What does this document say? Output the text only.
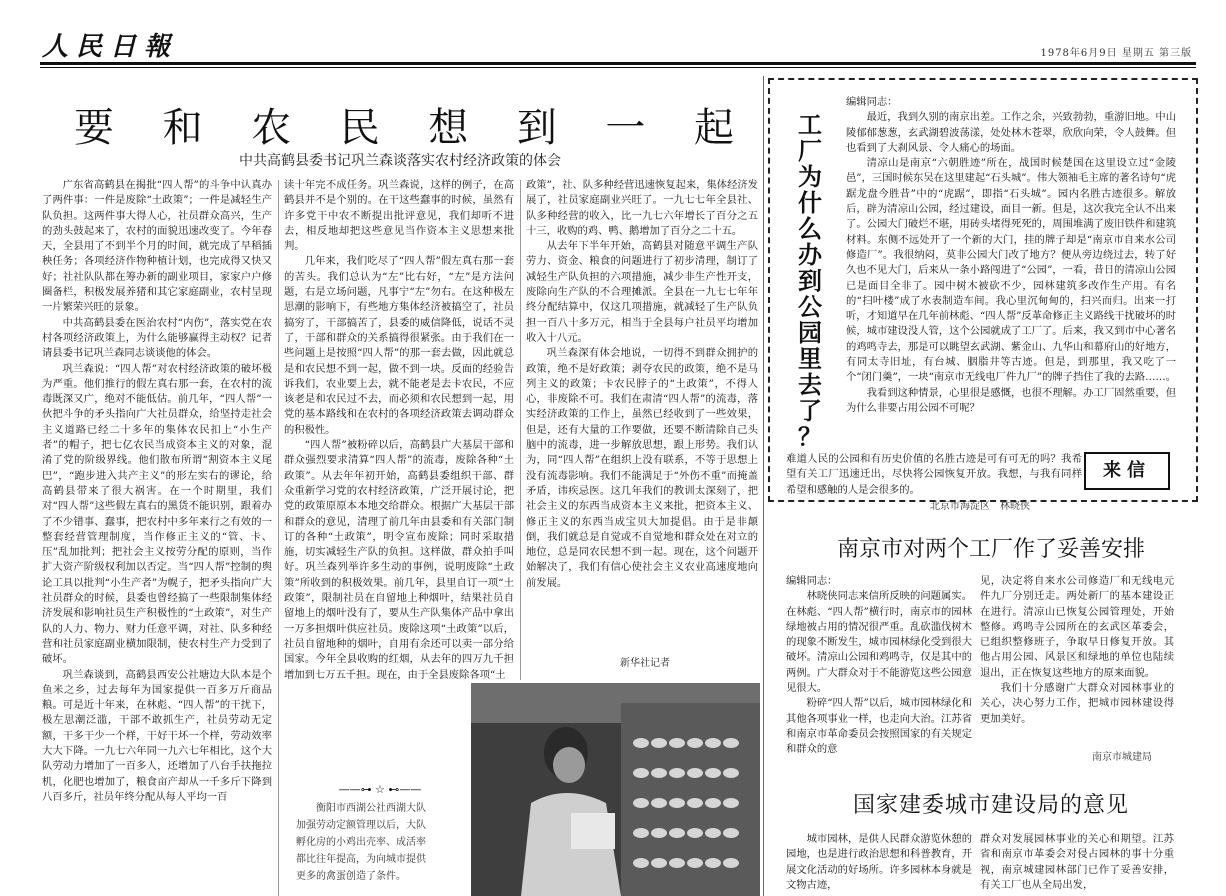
人民日報	1978年6月9日 星期五 第三版
要 和 农 民 想 到 一 起
中共高鹤县委书记巩兰森谈落实农村经济政策的体会

广东省高鹤县在揭批“四人帮”的斗争中认真办了两件事：一件是废除“土政策”；一件是减轻生产队负担。这两件事大得人心，社员群众高兴，生产的劲头鼓起来了，农村的面貌迅速改变了。今年春天，全县用了不到半个月的时间，就完成了早稻插秧任务；各项经济作物种植计划，也完成得又快又好；社社队队都在筹办新的副业项目，家家户户修圈备栏，积极发展养猪和其它家庭副业，农村呈现一片繁荣兴旺的景象。

中共高鹤县委在医治农村“内伤”，落实党在农村各项经济政策上，为什么能够赢得主动权？记者请县委书记巩兰森同志谈谈他的体会。

巩兰森说：“四人帮”对农村经济政策的破坏极为严重。他们推行的假左真右那一套，在农村的流毒既深又广，绝对不能低估。前几年，“四人帮”一伙把斗争的矛头指向广大社员群众，给坚持走社会主义道路已经二十多年的集体农民扣上“小生产者”的帽子，把七亿农民当成资本主义的对象，混淆了党的阶级界线。他们散布所谓“割资本主义尾巴”，“跑步进入共产主义”的形左实右的谬论，给高鹤县带来了很大祸害。在一个时期里，我们对“四人帮”这些假左真右的黑货不能识别，跟着办了不少错事、蠢事，把农村中多年来行之有效的一整套经营管理制度，当作修正主义的“管、卡、压”乱加批判；把社会主义按劳分配的原则，当作扩大资产阶级权利加以否定。当“四人帮”控制的舆论工具以批判“小生产者”为幌子，把矛头指向广大社员群众的时候，县委也曾经搞了一些限制集体经济发展和影响社员生产积极性的“土政策”，对生产队的人力、物力、财力任意平调，对社、队多种经营和社员家庭副业横加限制，使农村生产力受到了破坏。

巩兰森谈到，高鹤县西安公社塘边大队本是个鱼米之乡，过去每年为国家提供一百多万斤商品粮。可是近十年来，在林彪、“四人帮”的干扰下，极左思潮泛滥，干部不敢抓生产，社员劳动无定额，干多干少一个样，干好干坏一个样，劳动效率大大下降。一九七六年同一九六七年相比，这个大队劳动力增加了一百多人，还增加了八台手扶拖拉机，化肥也增加了，粮食亩产却从一千多斤下降到八百多斤，社员年终分配从每人平均一百

读十年完不成任务。巩兰森说，这样的例子，在高鹤县并不是个别的。在干这些蠢事的时候，虽然有许多党干中农不断提出批评意见，我们却听不进去，相反地却把这些意见当作资本主义思想来批判。

几年来，我们吃尽了“四人帮”假左真右那一套的苦头。我们总认为“左”比右好，“左”是方法问题，右是立场问题，凡事宁“左”勿右。在这种极左思潮的影响下，有些地方集体经济被搞空了，社员搞穷了，干部搞苦了，县委的威信降低，说话不灵了，干部和群众的关系搞得很紧张。由于我们在一些问题上是按照“四人帮”的那一套去做，因此就总是和农民想不到一起，做不到一块。反面的经验告诉我们，农业要上去，就不能老是去卡农民，不应该老是和农民过不去，而必须和农民想到一起，用党的基本路线和在农村的各项经济政策去调动群众的积极性。

“四人帮”被粉碎以后，高鹤县广大基层干部和群众强烈要求清算“四人帮”的流毒，废除各种“土政策”。从去年年初开始，高鹤县委组织干部、群众重新学习党的农村经济政策，广泛开展讨论，把党的政策原原本本地交给群众。根据广大基层干部和群众的意见，清理了前几年由县委和有关部门制订的各种“土政策”，明令宣布废除；同时采取措施，切实减轻生产队的负担。这样做，群众拍手叫好。巩兰森列举许多生动的事例，说明废除“土政策”所收到的积极效果。前几年，县里自订一项“土政策”，限制社员在自留地上种烟叶，结果社员自留地上的烟叶没有了，要从生产队集体产品中拿出一万多担烟叶供应社员。废除这项“土政策”以后，社员自留地种的烟叶，自用有余还可以卖一部分给国家。今年全县收购的红烟，从去年的四万九千担增加到七万五千担。现在，由于全县废除各项“土

政策”，社、队多种经营迅速恢复起来，集体经济发展了，社员家庭副业兴旺了。一九七七年全县社、队多种经营的收入，比一九七六年增长了百分之五十三，收购的鸡、鸭、鹅增加了百分之二十五。

从去年下半年开始，高鹤县对随意平调生产队劳力、资金、粮食的问题进行了初步清理，制订了减轻生产队负担的六项措施，减少非生产性开支，废除向生产队的不合理摊派。全县在一九七七年年终分配结算中，仅这几项措施，就减轻了生产队负担一百八十多万元，相当于全县每户社员平均增加收入十八元。

巩兰森深有体会地说，一切得不到群众拥护的政策，绝不是好政策；剥夺农民的政策，绝不是马列主义的政策；卡农民脖子的“土政策”，不得人心，非废除不可。我们在肃清“四人帮”的流毒，落实经济政策的工作上，虽然已经收到了一些效果，但是，还有大量的工作要做，还要不断清除自己头脑中的流毒，进一步解放思想，跟上形势。我们认为，同“四人帮”在组织上没有联系，不等于思想上没有流毒影响。我们不能满足于“外伤不重”而掩盖矛盾，讳疾忌医。这几年我们的教训太深刻了，把社会主义的东西当成资本主义来批，把资本主义、修正主义的东西当成宝贝大加提倡。由于是非颠倒，我们就总是自觉或不自觉地和群众处在对立的地位，总是同农民想不到一起。现在，这个问题开始解决了，我们有信心使社会主义农业高速度地向前发展。

新华社记者
——⊶ ☆ ⊷——
衡阳市西湖公社西湖大队
加强劳动定额管理以后，大队
孵化房的小鸡出壳率、成活率
都比往年提高，为向城市提供
更多的禽蛋创造了条件。
工
厂
为
什
么
办
到
公
园
里
去
了
？

编辑同志：

最近，我到久别的南京出差。工作之余，兴致勃勃，重游旧地。中山陵郁郁葱葱，玄武湖碧波荡漾，处处林木苍翠，欣欣向荣，令人鼓舞。但也看到了大刹风景、令人痛心的场面。

清凉山是南京“六朝胜迹”所在，战国时候楚国在这里设立过“金陵邑”，三国时候东吴在这里建起“石头城”。伟大领袖毛主席的著名诗句“虎踞龙盘今胜昔”中的“虎踞”，即指“石头城”。园内名胜古迹很多。解放后，辟为清凉山公园，经过建设，面目一新。但是，这次我完全认不出来了。公园大门破烂不堪，用砖头堵得死死的，周围堆满了废旧铁件和建筑材料。东侧不远处开了一个新的大门，挂的牌子却是“南京市自来水公司修造厂”。我很纳闷，莫非公园大门改了地方？便从旁边绕过去，转了好久也不见大门，后来从一条小路闯进了“公园”，一看，昔日的清凉山公园已是面目全非了。园中树木被砍不少，园林建筑多改作生产用。有名的“扫叶楼”成了水表制造车间。我心里沉甸甸的，扫兴而归。出来一打听，才知道早在几年前林彪、“四人帮”反革命修正主义路线干扰破坏的时候，城市建设没人管，这个公园就成了工厂了。后来，我又到市中心著名的鸡鸣寺去，那是可以眺望玄武湖、紫金山、九华山和幕府山的好地方，有同太寺旧址，有台城、胭脂井等古迹。但是，到那里，我又吃了一个“闭门羹”，一块“南京市无线电厂件九厂”的牌子挡住了我的去路……。

我看到这种情景，心里很是感慨，也很不理解。办工厂固然重要，但为什么非要占用公园不可呢？

难道人民的公园和有历史价值的名胜古迹是可有可无的吗？我希望有关工厂迅速迁出，尽快将公园恢复开放。我想，与我有同样希望和感触的人是会很多的。

北京市海淀区　林晓侠
来信
南京市对两个工厂作了妥善安排

编辑同志：

林晓侠同志来信所反映的问题属实。在林彪、“四人帮”横行时，南京市的园林绿地被占用的情况很严重。乱砍滥伐树木的现象不断发生，城市园林绿化受到很大破坏。清凉山公园和鸡鸣寺，仅是其中的两例。广大群众对于不能游览这些公园意见很大。

粉碎“四人帮”以后，城市园林绿化和其他各项事业一样，也走向大治。江苏省和南京市革命委员会按照国家的有关规定和群众的意

见，决定将自来水公司修造厂和无线电元件九厂分别迁走。两处新厂的基本建设正在进行。清凉山已恢复公园管理处，开始整修。鸡鸣寺公园所在的玄武区革委会，已组织整修班子，争取早日修复开放。其他占用公园、风景区和绿地的单位也陆续退出，正在恢复这些地方的原来面貌。

我们十分感谢广大群众对园林事业的关心，决心努力工作，把城市园林建设得更加美好。

南京市城建局
国家建委城市建设局的意见

城市园林，是供人民群众游览休憩的园地，也是进行政治思想和科普教育，开展文化活动的好场所。许多园林本身就是文物古迹，

群众对发展园林事业的关心和期望。江苏省和南京市革委会对侵占园林的事十分重视，南京城建园林部门已作了妥善安排，有关工厂也从全局出发，
